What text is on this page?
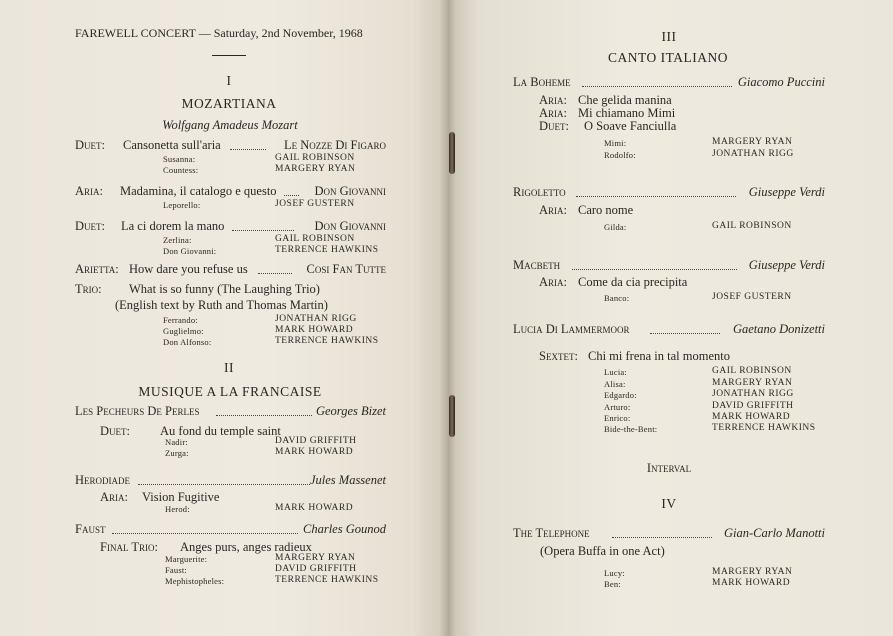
FAREWELL CONCERT — Saturday, 2nd November, 1968
I
MOZARTIANA
Wolfgang Amadeus Mozart
Duet: Cansonetta sull'aria	Le Nozze Di Figaro
Susanna:	GAIL ROBINSON
Countess:	MARGERY RYAN
Aria: Madamina, il catalogo e questo	Don Giovanni
Leporello:	JOSEF GUSTERN
Duet: La ci dorem la mano	Don Giovanni
Zerlina:	GAIL ROBINSON
Don Giovanni:	TERRENCE HAWKINS
Arietta: How dare you refuse us	Cosi Fan Tutte
Trio: What is so funny (The Laughing Trio)
(English text by Ruth and Thomas Martin)
Ferrando:	JONATHAN RIGG
Guglielmo:	MARK HOWARD
Don Alfonso:	TERRENCE HAWKINS
II
MUSIQUE A LA FRANCAISE
Les Pecheurs De Perles	Georges Bizet
Duet: Au fond du temple saint
Nadir:	DAVID GRIFFITH
Zurga:	MARK HOWARD
Herodiade	Jules Massenet
Aria: Vision Fugitive
Herod:	MARK HOWARD
Faust	Charles Gounod
Final Trio: Anges purs, anges radieux
Marguerite:	MARGERY RYAN
Faust:	DAVID GRIFFITH
Mephistopheles:	TERRENCE HAWKINS
III
CANTO ITALIANO
La Boheme	Giacomo Puccini
Aria: Che gelida manina
Aria: Mi chiamano Mimi
Duet: O Soave Fanciulla
Mimi:	MARGERY RYAN
Rodolfo:	JONATHAN RIGG
Rigoletto	Giuseppe Verdi
Aria: Caro nome
Gilda:	GAIL ROBINSON
Macbeth	Giuseppe Verdi
Aria: Come da cia precipita
Banco:	JOSEF GUSTERN
Lucia Di Lammermoor	Gaetano Donizetti
Sextet: Chi mi frena in tal momento
Lucia:	GAIL ROBINSON
Alisa:	MARGERY RYAN
Edgardo:	JONATHAN RIGG
Arturo:	DAVID GRIFFITH
Enrico:	MARK HOWARD
Bide-the-Bent:	TERRENCE HAWKINS
Interval
IV
The Telephone	Gian-Carlo Manotti
(Opera Buffa in one Act)
Lucy:	MARGERY RYAN
Ben:	MARK HOWARD
